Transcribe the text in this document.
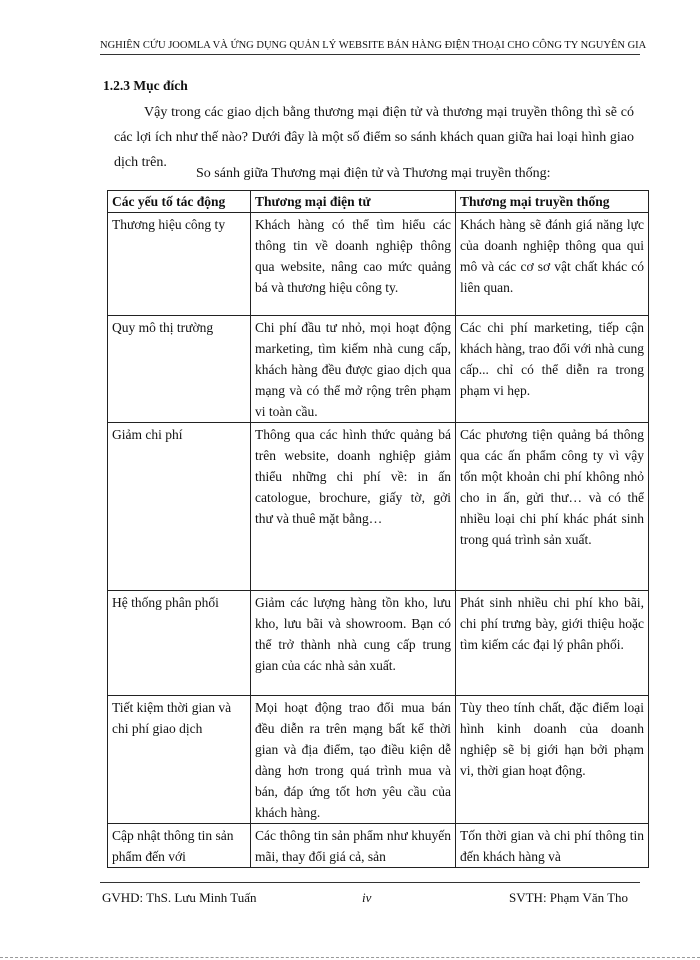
NGHIÊN CỨU JOOMLA VÀ ỨNG DỤNG QUẢN LÝ WEBSITE BÁN HÀNG ĐIỆN THOẠI CHO CÔNG TY NGUYÊN GIA
1.2.3 Mục đích

Vậy trong các giao dịch bằng thương mại điện tử và thương mại truyền thông thì sẽ có các lợi ích như thế nào? Dưới đây là một số điểm so sánh khách quan giữa hai loại hình giao dịch trên.

So sánh giữa Thương mại điện tử và Thương mại truyền thống:
Các yếu tố tác động	Thương mại điện tử	Thương mại truyền thống
Thương hiệu công ty	Khách hàng có thể tìm hiểu các thông tin về doanh nghiệp thông qua website, nâng cao mức quảng bá và thương hiệu công ty.	Khách hàng sẽ đánh giá năng lực của doanh nghiệp thông qua qui mô và các cơ sơ vật chất khác có liên quan.
Quy mô thị trường	Chi phí đầu tư nhỏ, mọi hoạt động marketing, tìm kiếm nhà cung cấp, khách hàng đều được giao dịch qua mạng và có thể mở rộng trên phạm vi toàn cầu.	Các chi phí marketing, tiếp cận khách hàng, trao đổi với nhà cung cấp... chỉ có thể diễn ra trong phạm vi hẹp.
Giảm chi phí	Thông qua các hình thức quảng bá trên website, doanh nghiệp giảm thiểu những chi phí về: in ấn catologue, brochure, giấy tờ, gởi thư và thuê mặt bằng…	Các phương tiện quảng bá thông qua các ấn phẩm công ty vì vậy tốn một khoản chi phí không nhỏ cho in ấn, gửi thư… và có thể nhiều loại chi phí khác phát sinh trong quá trình sản xuất.
Hệ thống phân phối	Giảm các lượng hàng tồn kho, lưu kho, lưu bãi và showroom. Bạn có thể trở thành nhà cung cấp trung gian của các nhà sản xuất.	Phát sinh nhiều chi phí kho bãi, chi phí trưng bày, giới thiệu hoặc tìm kiếm các đại lý phân phối.
Tiết kiệm thời gian và chi phí giao dịch	Mọi hoạt động trao đổi mua bán đều diễn ra trên mạng bất kể thời gian và địa điểm, tạo điều kiện dễ dàng hơn trong quá trình mua và bán, đáp ứng tốt hơn yêu cầu của khách hàng.	Tùy theo tính chất, đặc điểm loại hình kinh doanh của doanh nghiệp sẽ bị giới hạn bởi phạm vi, thời gian hoạt động.
Cập nhật thông tin sản phẩm đến với	Các thông tin sản phẩm như khuyến mãi, thay đổi giá cả, sản	Tốn thời gian và chi phí thông tin đến khách hàng và
GVHD: ThS. Lưu Minh Tuấn	iv	SVTH: Phạm Văn Tho
